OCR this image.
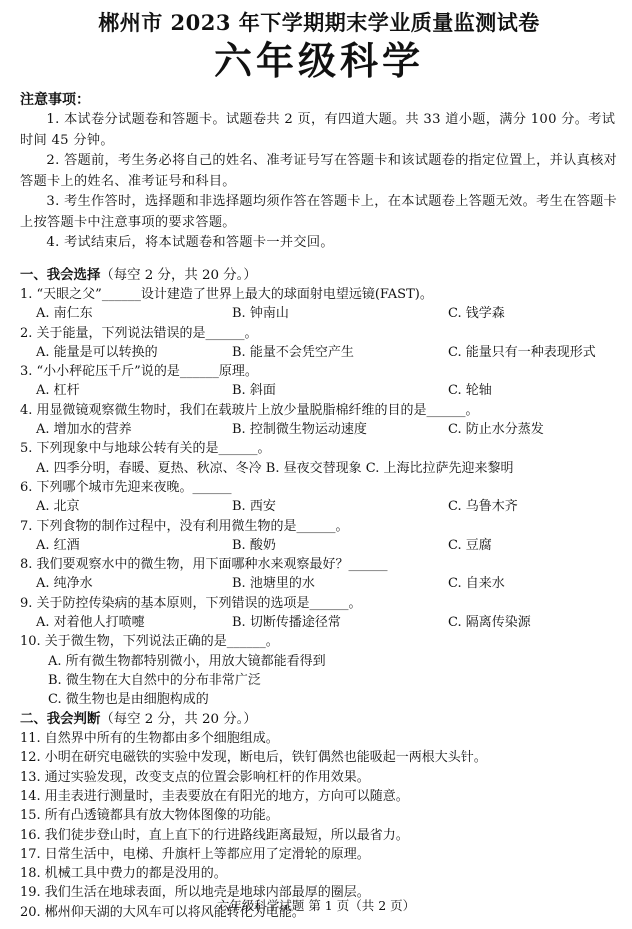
郴州市 2023 年下学期期末学业质量监测试卷
六年级科学
注意事项：

1. 本试卷分试题卷和答题卡。试题卷共 2 页，有四道大题。共 33 道小题，满分 100 分。考试时间 45 分钟。

2. 答题前，考生务必将自己的姓名、准考证号写在答题卡和该试题卷的指定位置上，并认真核对答题卡上的姓名、准考证号和科目。

3. 考生作答时，选择题和非选择题均须作答在答题卡上，在本试题卷上答题无效。考生在答题卡上按答题卡中注意事项的要求答题。

4. 考试结束后，将本试题卷和答题卡一并交回。

一、我会选择（每空 2 分，共 20 分。）
1. “天眼之父”______设计建造了世界上最大的球面射电望远镜(FAST)。
A. 南仁东	B. 钟南山	C. 钱学森
2. 关于能量，下列说法错误的是______。
A. 能量是可以转换的	B. 能量不会凭空产生	C. 能量只有一种表现形式
3. “小小秤砣压千斤”说的是______原理。
A. 杠杆	B. 斜面	C. 轮轴
4. 用显微镜观察微生物时，我们在载玻片上放少量脱脂棉纤维的目的是______。
A. 增加水的营养	B. 控制微生物运动速度	C. 防止水分蒸发
5. 下列现象中与地球公转有关的是______。
A. 四季分明，春暖、夏热、秋凉、冬冷 B. 昼夜交替现象 C. 上海比拉萨先迎来黎明
6. 下列哪个城市先迎来夜晚。______
A. 北京	B. 西安	C. 乌鲁木齐
7. 下列食物的制作过程中，没有利用微生物的是______。
A. 红酒	B. 酸奶	C. 豆腐
8. 我们要观察水中的微生物，用下面哪种水来观察最好？______
A. 纯净水	B. 池塘里的水	C. 自来水
9. 关于防控传染病的基本原则，下列错误的选项是______。
A. 对着他人打喷嚏	B. 切断传播途径常	C. 隔离传染源
10. 关于微生物，下列说法正确的是______。
A. 所有微生物都特别微小，用放大镜都能看得到
B. 微生物在大自然中的分布非常广泛
C. 微生物也是由细胞构成的
二、我会判断（每空 2 分，共 20 分。）
11. 自然界中所有的生物都由多个细胞组成。
12. 小明在研究电磁铁的实验中发现，断电后，铁钉偶然也能吸起一两根大头针。
13. 通过实验发现，改变支点的位置会影响杠杆的作用效果。
14. 用圭表进行测量时，圭表要放在有阳光的地方，方向可以随意。
15. 所有凸透镜都具有放大物体图像的功能。
16. 我们徒步登山时，直上直下的行进路线距离最短，所以最省力。
17. 日常生活中，电梯、升旗杆上等都应用了定滑轮的原理。
18. 机械工具中费力的都是没用的。
19. 我们生活在地球表面，所以地壳是地球内部最厚的圈层。
20. 郴州仰天湖的大风车可以将风能转化为电能。
六年级科学试题 第 1 页（共 2 页）
